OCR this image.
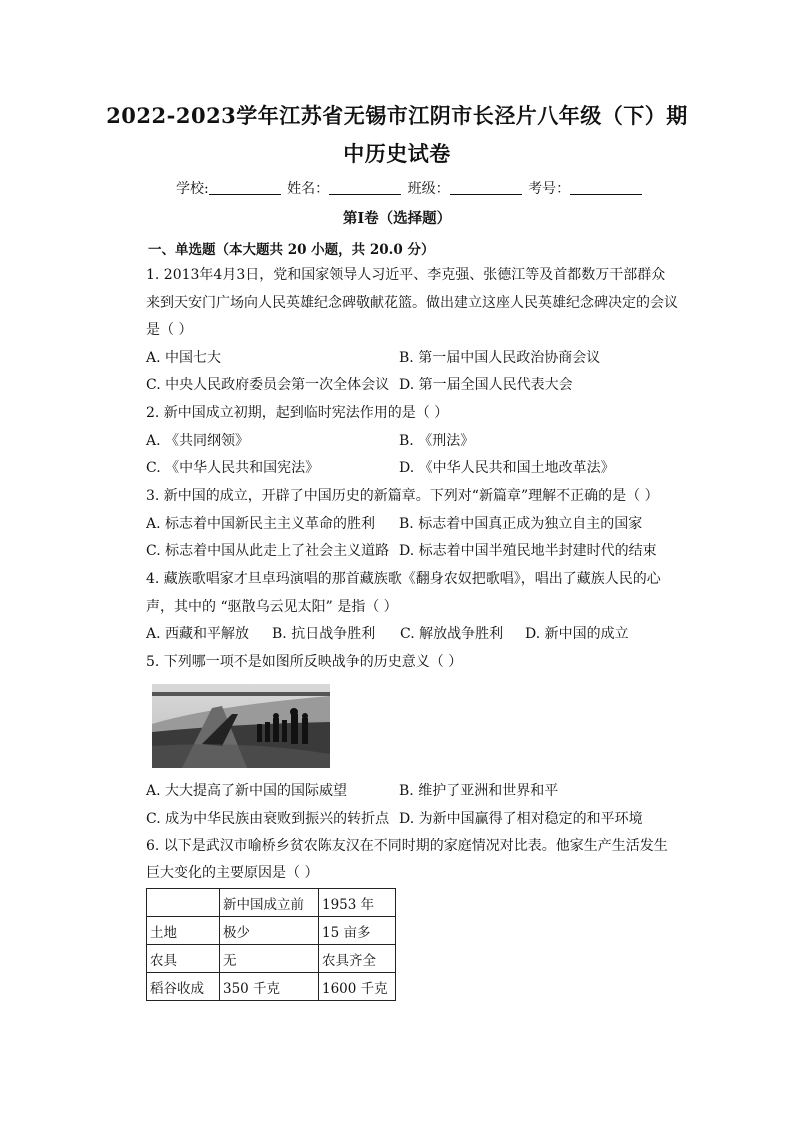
2022-2023学年江苏省无锡市江阴市长泾片八年级（下）期
中历史试卷
学校:	姓名：	班级：	考号：
第Ⅰ卷（选择题）
一、单选题（本大题共 20 小题，共 20.0 分）
1. 2013年4月3日，党和国家领导人习近平、李克强、张德江等及首都数万干部群众
来到天安门广场向人民英雄纪念碑敬献花篮。做出建立这座人民英雄纪念碑决定的会议
是（ ）
A. 中国七大	B. 第一届中国人民政治协商会议
C. 中央人民政府委员会第一次全体会议 D. 第一届全国人民代表大会
2. 新中国成立初期，起到临时宪法作用的是（ ）
A. 《共同纲领》	B. 《刑法》
C. 《中华人民共和国宪法》	D. 《中华人民共和国土地改革法》
3. 新中国的成立，开辟了中国历史的新篇章。下列对“新篇章”理解不正确的是（ ）
A. 标志着中国新民主主义革命的胜利 B. 标志着中国真正成为独立自主的国家
C. 标志着中国从此走上了社会主义道路 D. 标志着中国半殖民地半封建时代的结束
4. 藏族歌唱家才旦卓玛演唱的那首藏族歌《翻身农奴把歌唱》，唱出了藏族人民的心
声，其中的 “驱散乌云见太阳” 是指（ ）
A. 西藏和平解放 B. 抗日战争胜利 C. 解放战争胜利 D. 新中国的成立
5. 下列哪一项不是如图所反映战争的历史意义（ ）
A. 大大提高了新中国的国际威望	B. 维护了亚洲和世界和平
C. 成为中华民族由衰败到振兴的转折点 D. 为新中国赢得了相对稳定的和平环境
6. 以下是武汉市喻桥乡贫农陈友汉在不同时期的家庭情况对比表。他家生产生活发生
巨大变化的主要原因是（ ）
	新中国成立前	1953 年
土地	极少	15 亩多
农具	无	农具齐全
稻谷收成	350 千克	1600 千克
